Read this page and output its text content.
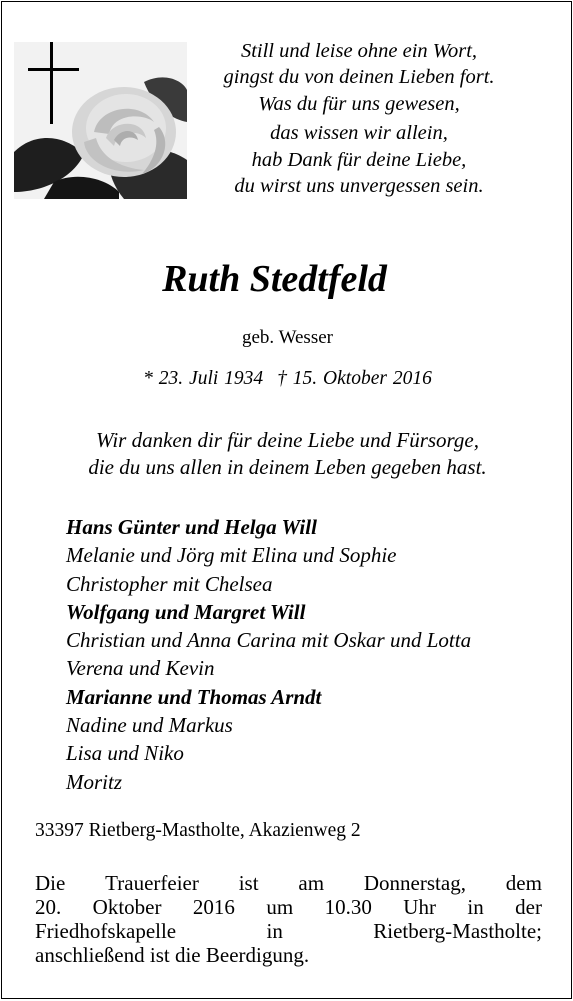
Still und leise ohne ein Wort,
gingst du von deinen Lieben fort.
Was du für uns gewesen,
das wissen wir allein,
hab Dank für deine Liebe,
du wirst uns unvergessen sein.
Ruth Stedtfeld
geb. Wesser
* 23. Juli 1934 † 15. Oktober 2016
Wir danken dir für deine Liebe und Fürsorge,
die du uns allen in deinem Leben gegeben hast.
Hans Günter und Helga Will
Melanie und Jörg mit Elina und Sophie
Christopher mit Chelsea
Wolfgang und Margret Will
Christian und Anna Carina mit Oskar und Lotta
Verena und Kevin
Marianne und Thomas Arndt
Nadine und Markus
Lisa und Niko
Moritz
33397 Rietberg-Mastholte, Akazienweg 2
Die Trauerfeier ist am Donnerstag, dem
20. Oktober 2016 um 10.30 Uhr in der
Friedhofskapelle	in	Rietberg-Mastholte;
anschließend ist die Beerdigung.
